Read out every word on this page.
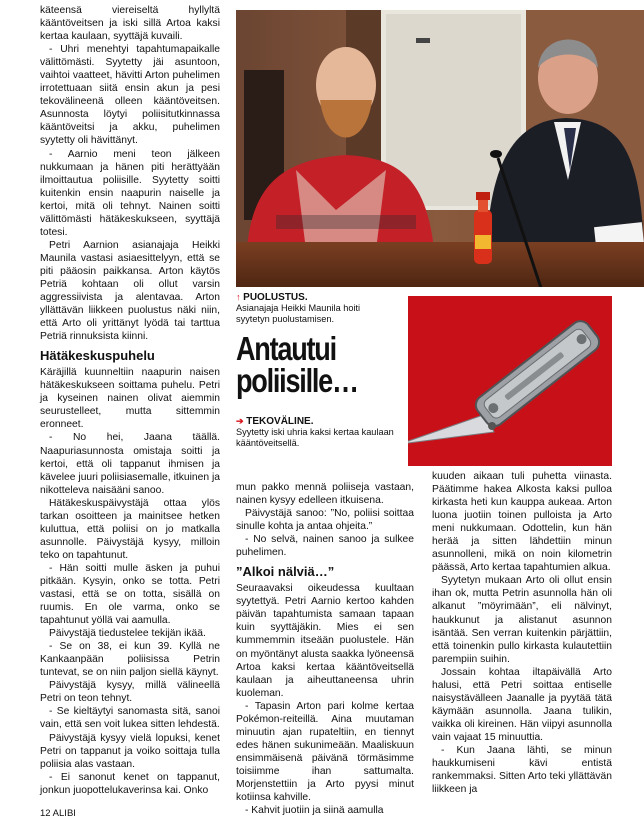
käteensä viereiseltä hyllyltä kääntöveitsen ja iski sillä Artoa kaksi kertaa kaulaan, syyttäjä kuvaili.

- Uhri menehtyi tapahtumapaikalle välittömästi. Syytetty jäi asuntoon, vaihtoi vaatteet, hävitti Arton puhelimen irrotettuaan siitä ensin akun ja pesi tekovälineenä olleen kääntöveitsen. Asunnosta löytyi poliisitutkinnassa kääntöveitsi ja akku, puhelimen syytetty oli hävittänyt.

- Aarnio meni teon jälkeen nukkumaan ja hänen piti herättyään ilmoittautua poliisille. Syytetty soitti kuitenkin ensin naapurin naiselle ja kertoi, mitä oli tehnyt. Nainen soitti välittömästi hätäkeskukseen, syyttäjä totesi.

Petri Aarnion asianajaja Heikki Maunila vastasi asiaesittelyyn, että se piti pääosin paikkansa. Arton käytös Petriä kohtaan oli ollut varsin aggressiivista ja alentavaa. Arton yllättävän liikkeen puolustus näki niin, että Arto oli yrittänyt lyödä tai tarttua Petriä rinnuksista kiinni.

Hätäkeskuspuhelu

Käräjillä kuunneltiin naapurin naisen hätäkeskukseen soittama puhelu. Petri ja kyseinen nainen olivat aiemmin seurustelleet, mutta sittemmin eronneet.

- No hei, Jaana täällä. Naapuriasunnosta omistaja soitti ja kertoi, että oli tappanut ihmisen ja kävelee juuri poliisiasemalle, itkuinen ja nikotteleva naisääni sanoo.

Hätäkeskuspäivystäjä ottaa ylös tarkan osoitteen ja mainitsee hetken kuluttua, että poliisi on jo matkalla asunnolle. Päivystäjä kysyy, milloin teko on tapahtunut.

- Hän soitti mulle äsken ja puhui pitkään. Kysyin, onko se totta. Petri vastasi, että se on totta, sisällä on ruumis. En ole varma, onko se tapahtunut yöllä vai aamulla.

Päivystäjä tiedustelee tekijän ikää.

- Se on 38, ei kun 39. Kyllä ne Kankaanpään poliisissa Petrin tuntevat, se on niin paljon siellä käynyt.

Päivystäjä kysyy, millä välineellä Petri on teon tehnyt.

- Se kieltäytyi sanomasta sitä, sanoi vain, että sen voit lukea sitten lehdestä.

Päivystäjä kysyy vielä lopuksi, kenet Petri on tappanut ja voiko soittaja tulla poliisia alas vastaan.

- Ei sanonut kenet on tappanut, jonkun juopottelukaverinsa kai. Onko

↑ PUOLUSTUS.
Asianajaja Heikki Maunila hoiti syytetyn puolustamisen.
Antautui
poliisille…
➔ TEKOVÄLINE.
Syytetty iski uhria kaksi kertaa kaulaan kääntöveitsellä.

mun pakko mennä poliiseja vastaan, nainen kysyy edelleen itkuisena.

Päivystäjä sanoo: ”No, poliisi soittaa sinulle kohta ja antaa ohjeita.”

- No selvä, nainen sanoo ja sulkee puhelimen.

”Alkoi nälviä…”

Seuraavaksi oikeudessa kuultaan syytettyä. Petri Aarnio kertoo kahden päivän tapahtumista samaan tapaan kuin syyttäjäkin. Mies ei sen kummemmin itseään puolustele. Hän on myöntänyt alusta saakka lyöneensä Artoa kaksi kertaa kääntöveitsellä kaulaan ja aiheuttaneensa uhrin kuoleman.

- Tapasin Arton pari kolme kertaa Pokémon-reiteillä. Aina muutaman minuutin ajan rupateltiin, en tiennyt edes hänen sukunimeään. Maaliskuun ensimmäisenä päivänä törmäsimme toisiimme ihan sattumalta. Morjenstettiin ja Arto pyysi minut kotiinsa kahville.

- Kahvit juotiin ja siinä aamulla

kuuden aikaan tuli puhetta viinasta. Päätimme hakea Alkosta kaksi pulloa kirkasta heti kun kauppa aukeaa. Arton luona juotiin toinen pulloista ja Arto meni nukkumaan. Odottelin, kun hän herää ja sitten lähdettiin minun asunnolleni, mikä on noin kilometrin päässä, Arto kertaa tapahtumien alkua.

Syytetyn mukaan Arto oli ollut ensin ihan ok, mutta Petrin asunnolla hän oli alkanut ”möyrimään”, eli nälvinyt, haukkunut ja alistanut asunnon isäntää. Sen verran kuitenkin pärjättiin, että toinenkin pullo kirkasta kulautettiin parempiin suihin.

Jossain kohtaa iltapäivällä Arto halusi, että Petri soittaa entiselle naisystävälleen Jaanalle ja pyytää tätä käymään asunnolla. Jaana tulikin, vaikka oli kireinen. Hän viipyi asunnolla vain vajaat 15 minuuttia.

- Kun Jaana lähti, se minun haukkumiseni kävi entistä rankemmaksi. Sitten Arto teki yllättävän liikkeen ja

12 ALIBI
